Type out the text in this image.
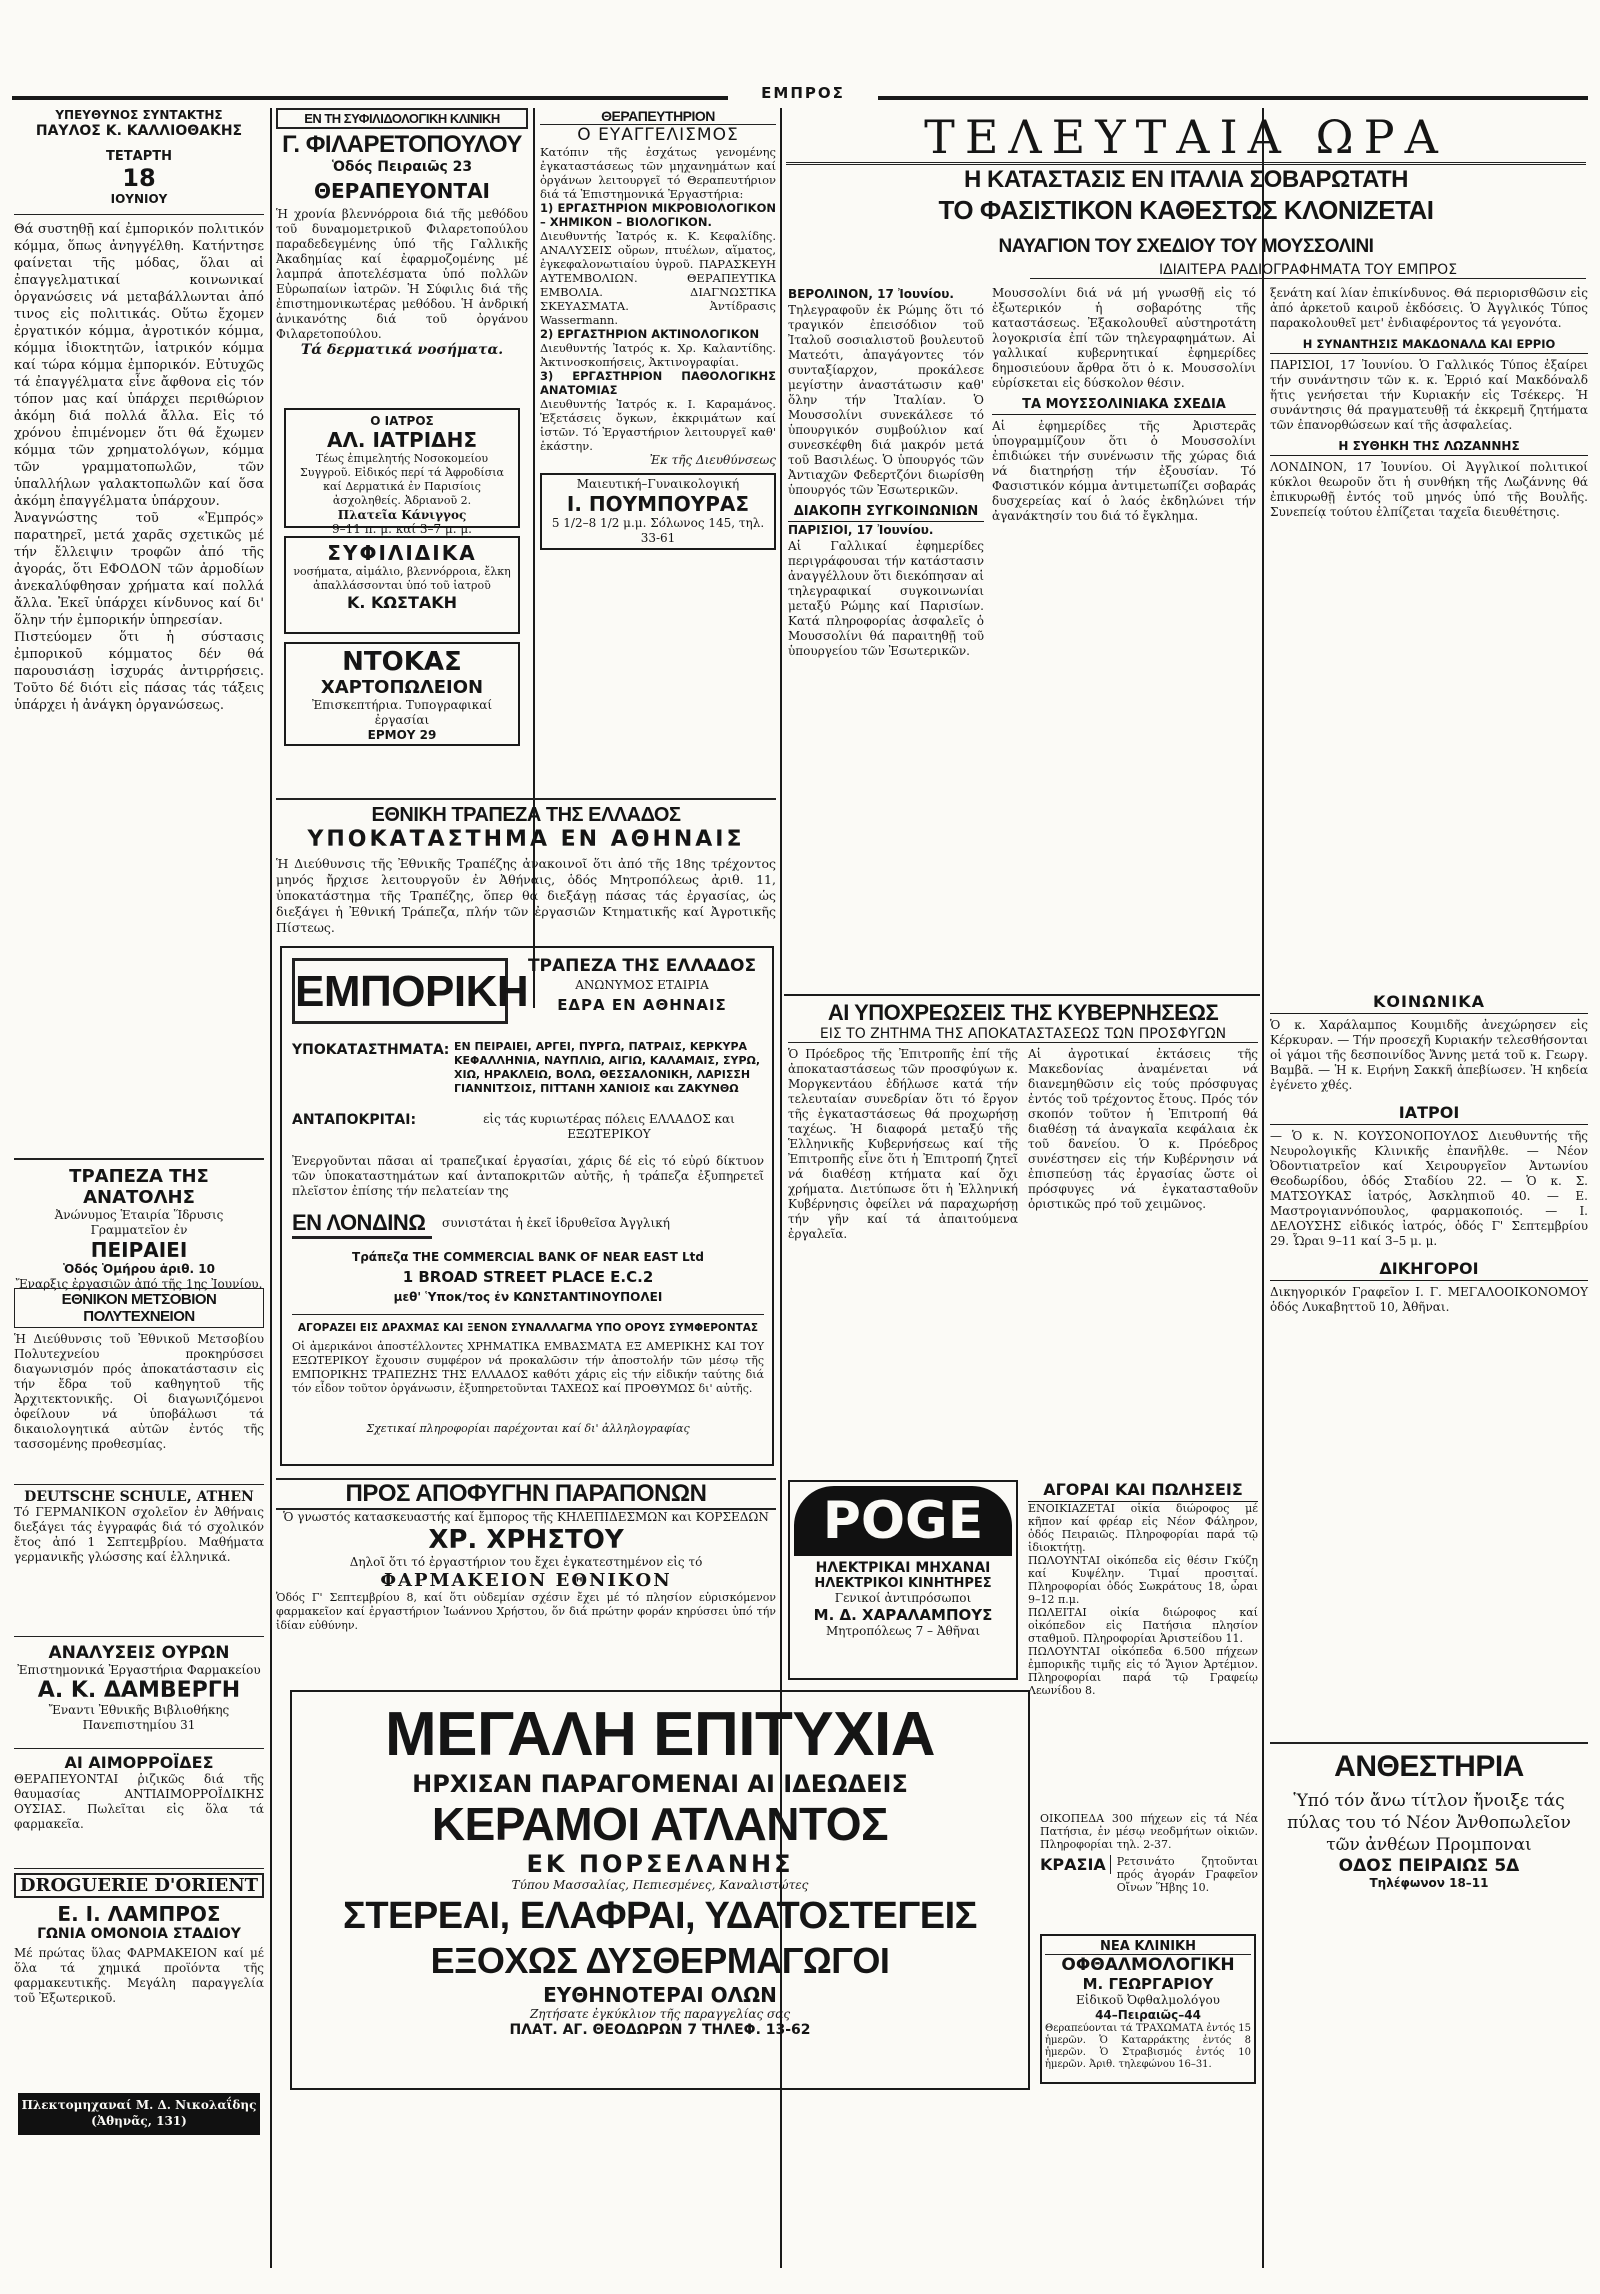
ΕΜΠΡΟΣ
ΥΠΕΥΘΥΝΟΣ ΣΥΝΤΑΚΤΗΣ
ΠΑΥΛΟΣ Κ. ΚΑΛΛΙΟΘΑΚΗΣ
ΤΕΤΑΡΤΗ
18
ΙΟΥΝΙΟΥ

Θά συστηθῇ καί ἐμπορικόν πολιτικόν κόμμα, ὅπως ἀνηγγέλθη. Κατήντησε φαίνεται τῆς μόδας, ὅλαι αἱ ἐπαγγελματικαί κοινωνικαί ὁργανώσεις νά μεταβάλλωνται ἀπό τινος εἰς πολιτικάς. Οὕτω ἔχομεν ἐργατικόν κόμμα, ἀγροτικόν κόμμα, κόμμα ἰδιοκτητῶν, ἰατρικόν κόμμα καί τώρα κόμμα ἐμπορικόν. Εὐτυχῶς τά ἐπαγγέλματα εἶνε ἄφθονα εἰς τόν τόπον μας καί ὑπάρχει περιθώριον ἀκόμη διά πολλά ἄλλα. Εἰς τό χρόνου ἐπιμένομεν ὅτι θά ἔχωμεν κόμμα τῶν χρηματολόγων, κόμμα τῶν γραμματοπωλῶν, τῶν ὑπαλλήλων γαλακτοπωλῶν καί ὅσα ἀκόμη ἐπαγγέλματα ὑπάρχουν.

Ἀναγνώστης τοῦ «Ἐμπρός» παρατηρεῖ, μετά χαρᾶς σχετικῶς μέ τήν ἔλλειψιν τροφῶν ἀπό τῆς ἀγοράς, ὅτι ΕΦΟΔΟΝ τῶν ἀρμοδίων ἀνεκαλύφθησαν χρήματα καί πολλά ἄλλα. Ἐκεῖ ὑπάρχει κίνδυνος καί δι' ὅλην τήν ἐμπορικήν ὑπηρεσίαν.

Πιστεύομεν ὅτι ἡ σύστασις ἐμπορικοῦ κόμματος δέν θά παρουσιάσῃ ἰσχυράς ἀντιρρήσεις. Τοῦτο δέ διότι εἰς πάσας τάς τάξεις ὑπάρχει ἡ ἀνάγκη ὀργανώσεως.

ΤΡΑΠΕΖΑ ΤΗΣ ΑΝΑΤΟΛΗΣ
Ἀνώνυμος Ἑταιρία Ἵδρυσις Γραμματεῖον ἐν
ΠΕΙΡΑΙΕΙ
Ὁδός Ὁμήρου ἀριθ. 10
Ἔναρξις ἐργασιῶν ἀπό τῆς 1ης Ἰουνίου.
ΕΘΝΙΚΟΝ ΜΕΤΣΟΒΙΟΝ ΠΟΛΥΤΕΧΝΕΙΟΝ

Ἡ Διεύθυνσις τοῦ Ἐθνικοῦ Μετσοβίου Πολυτεχνείου προκηρύσσει διαγωνισμόν πρός ἀποκατάστασιν εἰς τήν ἔδρα τοῦ καθηγητοῦ τῆς Ἀρχιτεκτονικῆς. Οἱ διαγωνιζόμενοι ὀφείλουν νά ὑποβάλωσι τά δικαιολογητικά αὐτῶν ἐντός τῆς τασσομένης προθεσμίας.

DEUTSCHE SCHULE, ATHEN

Τό ΓΕΡΜΑΝΙΚΟΝ σχολεῖον ἐν Ἀθήναις διεξάγει τάς ἐγγραφάς διά τό σχολικόν ἔτος ἀπό 1 Σεπτεμβρίου. Μαθήματα γερμανικῆς γλώσσης καί ἑλληνικά.

ΑΝΑΛΥΣΕΙΣ ΟΥΡΩΝ
Ἐπιστημονικά Ἐργαστήρια Φαρμακείου
Α. Κ. ΔΑΜΒΕΡΓΗ
Ἔναντι Ἐθνικῆς Βιβλιοθήκης Πανεπιστημίου 31
ΑΙ ΑΙΜΟΡΡΟΪΔΕΣ

ΘΕΡΑΠΕΥΟΝΤΑΙ ῥιζικῶς διά τῆς θαυμασίας ΑΝΤΙΑΙΜΟΡΡΟΪΔΙΚΗΣ ΟΥΣΙΑΣ. Πωλεῖται εἰς ὅλα τά φαρμακεῖα.

DROGUERIE D'ORIENT
Ε. Ι. ΛΑΜΠΡΟΣ
ΓΩΝΙΑ ΟΜΟΝΟΙΑ ΣΤΑΔΙΟΥ

Μέ πρώτας ὕλας ΦΑΡΜΑΚΕΙΟΝ καί μέ ὅλα τά χημικά προϊόντα τῆς φαρμακευτικῆς. Μεγάλη παραγγελία τοῦ Ἐξωτερικοῦ.

Πλεκτομηχαναί Μ. Δ. Νικολαΐδης (Ἀθηνᾶς, 131)
ΕΝ ΤΗ ΣΥΦΙΛΙΔΟΛΟΓΙΚΗ ΚΛΙΝΙΚΗ
Γ. ΦΙΛΑΡΕΤΟΠΟΥΛΟΥ
Ὁδός Πειραιῶς 23
ΘΕΡΑΠΕΥΟΝΤΑΙ

Ἡ χρονία βλεννόρροια διά τῆς μεθόδου τοῦ δυναμομετρικοῦ Φιλαρετοπούλου παραδεδεγμένης ὑπό τῆς Γαλλικῆς Ἀκαδημίας καί ἐφαρμοζομένης μέ λαμπρά ἀποτελέσματα ὑπό πολλῶν Εὐρωπαίων ἰατρῶν. Ἡ Σύφιλις διά τῆς ἐπιστημονικωτέρας μεθόδου. Ἡ ἀνδρική ἀνικανότης διά τοῦ ὀργάνου Φιλαρετοπούλου.

Τά δερματικά νοσήματα.
Ο ΙΑΤΡΟΣ
ΑΛ. ΙΑΤΡΙΔΗΣ

Τέως ἐπιμελητής Νοσοκομείου Συγγροῦ. Εἰδικός περί τά Ἀφροδίσια καί Δερματικά ἐν Παρισίοις ἀσχοληθείς. Ἀδριανοῦ 2.

Πλατεῖα Κάνιγγος
9–11 π. μ. καί 3–7 μ. μ.
ΣΥΦΙΛΙΔΙΚΑ

νοσήματα, αἰμάλιο, βλεννόρροια, ἔλκη ἀπαλλάσσονται ὑπό τοῦ ἰατροῦ

Κ. ΚΩΣΤΑΚΗ
ΝΤΟΚΑΣ
ΧΑΡΤΟΠΩΛΕΙΟΝ
Ἐπισκεπτήρια. Τυπογραφικαί ἐργασίαι
ΕΡΜΟΥ 29
ΘΕΡΑΠΕΥΤΗΡΙΟΝ
Ο ΕΥΑΓΓΕΛΙΣΜΟΣ

Κατόπιν τῆς ἐσχάτως γενομένης ἐγκαταστάσεως τῶν μηχανημάτων καί ὀργάνων λειτουργεῖ τό Θεραπευτήριον διά τά Ἐπιστημονικά Ἐργαστήρια:

1) ΕΡΓΑΣΤΗΡΙΟΝ ΜΙΚΡΟΒΙΟΛΟΓΙΚΟΝ – ΧΗΜΙΚΟΝ – ΒΙΟΛΟΓΙΚΟΝ.

Διευθυντής Ἰατρός κ. Κ. Κεφαλίδης. ΑΝΑΛΥΣΕΙΣ οὔρων, πτυέλων, αἵματος, ἐγκεφαλονωτιαίου ὑγροῦ. ΠΑΡΑΣΚΕΥΗ ΑΥΤΕΜΒΟΛΙΩΝ. ΘΕΡΑΠΕΥΤΙΚΑ ΕΜΒΟΛΙΑ. ΔΙΑΓΝΩΣΤΙΚΑ ΣΚΕΥΑΣΜΑΤΑ. Ἀντίδρασις Wassermann.

2) ΕΡΓΑΣΤΗΡΙΟΝ ΑΚΤΙΝΟΛΟΓΙΚΟΝ

Διευθυντής Ἰατρός κ. Χρ. Καλαντίδης. Ἀκτινοσκοπήσεις, Ἀκτινογραφίαι.

3) ΕΡΓΑΣΤΗΡΙΟΝ ΠΑΘΟΛΟΓΙΚΗΣ ΑΝΑΤΟΜΙΑΣ

Διευθυντής Ἰατρός κ. Ι. Καραμάνος. Ἐξετάσεις ὄγκων, ἐκκριμάτων καί ἱστῶν. Τό Ἐργαστήριον λειτουργεῖ καθ' ἑκάστην.

Ἐκ τῆς Διευθύνσεως
Μαιευτική–Γυναικολογική
Ι. ΠΟΥΜΠΟΥΡΑΣ
5 1/2–8 1/2 μ.μ. Σόλωνος 145, τηλ. 33-61
ΕΘΝΙΚΗ ΤΡΑΠΕΖΑ ΤΗΣ ΕΛΛΑΔΟΣ
ΥΠΟΚΑΤΑΣΤΗΜΑ ΕΝ ΑΘΗΝΑΙΣ

Ἡ Διεύθυνσις τῆς Ἐθνικῆς Τραπέζης ἀνακοινοῖ ὅτι ἀπό τῆς 18ης τρέχοντος μηνός ἤρχισε λειτουργοῦν ἐν Ἀθήναις, ὁδός Μητροπόλεως ἀριθ. 11, ὑποκατάστημα τῆς Τραπέζης, ὅπερ θά διεξάγῃ πάσας τάς ἐργασίας, ὡς διεξάγει ἡ Ἐθνική Τράπεζα, πλήν τῶν ἐργασιῶν Κτηματικῆς καί Ἀγροτικῆς Πίστεως.

ΕΜΠΟΡΙΚΗ
ΤΡΑΠΕΖΑ ΤΗΣ ΕΛΛΑΔΟΣ
ΑΝΩΝΥΜΟΣ ΕΤΑΙΡΙΑ
ΕΔΡΑ ΕΝ ΑΘΗΝΑΙΣ
ΥΠΟΚΑΤΑΣΤΗΜΑΤΑ: ΕΝ ΠΕΙΡΑΙΕΙ, ΑΡΓΕΙ, ΠΥΡΓΩ, ΠΑΤΡΑΙΣ, ΚΕΡΚΥΡΑ ΚΕΦΑΛΛΗΝΙΑ, ΝΑΥΠΛΙΩ, ΑΙΓΙΩ, ΚΑΛΑΜΑΙΣ, ΣΥΡΩ, ΧΙΩ, ΗΡΑΚΛΕΙΩ, ΒΟΛΩ, ΘΕΣΣΑΛΟΝΙΚΗ, ΛΑΡΙΣΣΗ ΓΙΑΝΝΙΤΣΟΙΣ, ΠΙΤΤΑΝΗ ΧΑΝΙΟΙΣ και ΖΑΚΥΝΘΩ
ΑΝΤΑΠΟΚΡΙΤΑΙ:	εἰς τάς κυριωτέρας πόλεις ΕΛΛΑΔΟΣ και ΕΞΩΤΕΡΙΚΟΥ
Ἐνεργοῦνται πᾶσαι αἱ τραπεζικαί ἐργασίαι, χάρις δέ εἰς τό εὐρύ δίκτυον τῶν ὑποκαταστημάτων καί ἀνταποκριτῶν αὐτῆς, ἡ τράπεζα ἐξυπηρετεῖ πλεῖστον ἐπίσης τήν πελατείαν της
ΕΝ ΛΟΝΔΙΝΩ	συνιστάται ἡ ἐκεῖ ἱδρυθεῖσα Ἀγγλική
Τράπεζα THE COMMERCIAL BANK OF NEAR EAST Ltd
1 BROAD STREET PLACE E.C.2
μεθ' Ὑποκ/τος ἐν ΚΩΝΣΤΑΝΤΙΝΟΥΠΟΛΕΙ
ΑΓΟΡΑΖΕΙ ΕΙΣ ΔΡΑΧΜΑΣ ΚΑΙ ΞΕΝΟΝ ΣΥΝΑΛΛΑΓΜΑ ΥΠΟ ΟΡΟΥΣ ΣΥΜΦΕΡΟΝΤΑΣ
Οἱ ἀμερικάνοι ἀποστέλλοντες ΧΡΗΜΑΤΙΚΑ ΕΜΒΑΣΜΑΤΑ ΕΞ ΑΜΕΡΙΚΗΣ ΚΑΙ ΤΟΥ ΕΞΩΤΕΡΙΚΟΥ ἔχουσιν συμφέρον νά προκαλῶσιν τήν ἀποστολήν τῶν μέσῳ τῆς ΕΜΠΟΡΙΚΗΣ ΤΡΑΠΕΖΗΣ ΤΗΣ ΕΛΛΑΔΟΣ καθότι χάρις εἰς τήν εἰδικήν ταύτης διά τόν εἶδον τοῦτον ὀργάνωσιν, ἐξυπηρετοῦνται ΤΑΧΕΩΣ καί ΠΡΟΘΥΜΩΣ δι' αὐτῆς.
Σχετικαί πληροφορίαι παρέχονται καί δι' ἀλληλογραφίας
ΠΡΟΣ ΑΠΟΦΥΓΗΝ ΠΑΡΑΠΟΝΩΝ
Ὁ γνωστός κατασκευαστής καί ἔμπορος τῆς ΚΗΛΕΠΙΔΕΣΜΩΝ και ΚΟΡΣΕΔΩΝ
ΧΡ. ΧΡΗΣΤΟΥ
Δηλοῖ ὅτι τό ἐργαστήριον του ἔχει ἐγκατεστημένον εἰς τό
ΦΑΡΜΑΚΕΙΟΝ ΕΘΝΙΚΟΝ

Ὁδός Γ' Σεπτεμβρίου 8, καί ὅτι οὐδεμίαν σχέσιν ἔχει μέ τό πλησίον εὑρισκόμενον φαρμακεῖον καί ἐργαστήριον Ἰωάννου Χρήστου, ὅν διά πρώτην φοράν κηρύσσει ὑπό τήν ἰδίαν εὐθύνην.

ΜΕΓΑΛΗ ΕΠΙΤΥΧΙΑ
ΗΡΧΙΣΑΝ ΠΑΡΑΓΟΜΕΝΑΙ ΑΙ ΙΔΕΩΔΕΙΣ
ΚΕΡΑΜΟΙ ΑΤΛΑΝΤΟΣ
ΕΚ ΠΟΡΣΕΛΑΝΗΣ
Τύπου Μασσαλίας, Πεπιεσμένες, Καναλιστώτες
ΣΤΕΡΕΑΙ, ΕΛΑΦΡΑΙ, ΥΔΑΤΟΣΤΕΓΕΙΣ
ΕΞΟΧΩΣ ΔΥΣΘΕΡΜΑΓΩΓΟΙ
ΕΥΘΗΝΟΤΕΡΑΙ ΟΛΩΝ
Ζητήσατε ἐγκύκλιον τῆς παραγγελίας σας
ΠΛΑΤ. ΑΓ. ΘΕΟΔΩΡΩΝ 7 ΤΗΛΕΦ. 13-62
ΤΕΛΕΥΤΑΙΑ ΩΡΑ
Η ΚΑΤΑΣΤΑΣΙΣ ΕΝ ΙΤΑΛΙΑ ΣΟΒΑΡΩΤΑΤΗ
ΤΟ ΦΑΣΙΣΤΙΚΟΝ ΚΑΘΕΣΤΩΣ ΚΛΟΝΙΖΕΤΑΙ
ΝΑΥΑΓΙΟΝ ΤΟΥ ΣΧΕΔΙΟΥ ΤΟΥ ΜΟΥΣΣΟΛΙΝΙ
ΙΔΙΑΙΤΕΡΑ ΡΑΔΙΟΓΡΑΦΗΜΑΤΑ ΤΟΥ ΕΜΠΡΟΣ

ΒΕΡΟΛΙΝΟΝ, 17 Ἰουνίου.

Τηλεγραφοῦν ἐκ Ρώμης ὅτι τό τραγικόν ἐπεισόδιον τοῦ Ἰταλοῦ σοσιαλιστοῦ βουλευτοῦ Ματεότι, ἀπαγάγοντες τόν συνταξίαρχον, προκάλεσε μεγίστην ἀναστάτωσιν καθ' ὅλην τήν Ἰταλίαν. Ὁ Μουσσολίνι συνεκάλεσε τό ὑπουργικόν συμβούλιον καί συνεσκέφθη διά μακρόν μετά τοῦ Βασιλέως. Ὁ ὑπουργός τῶν Ἀντιαχῶν Φεδερτζόνι διωρίσθη ὑπουργός τῶν Ἐσωτερικῶν.

ΔΙΑΚΟΠΗ ΣΥΓΚΟΙΝΩΝΙΩΝ

ΠΑΡΙΣΙΟΙ, 17 Ἰουνίου.

Αἱ Γαλλικαί ἐφημερίδες περιγράφουσαι τήν κατάστασιν ἀναγγέλλουν ὅτι διεκόπησαν αἱ τηλεγραφικαί συγκοινωνίαι μεταξύ Ρώμης καί Παρισίων. Κατά πληροφορίας ἀσφαλεῖς ὁ Μουσσολίνι θά παραιτηθῇ τοῦ ὑπουργείου τῶν Ἐσωτερικῶν.

Μουσσολίνι διά νά μή γνωσθῇ εἰς τό ἐξωτερικόν ἡ σοβαρότης τῆς καταστάσεως. Ἐξακολουθεῖ αὐστηροτάτη λογοκρισία ἐπί τῶν τηλεγραφημάτων. Αἱ γαλλικαί κυβερνητικαί ἐφημερίδες δημοσιεύουν ἄρθρα ὅτι ὁ κ. Μουσσολίνι εὑρίσκεται εἰς δύσκολον θέσιν.

ΤΑ ΜΟΥΣΣΟΛΙΝΙΑΚΑ ΣΧΕΔΙΑ

Αἱ ἐφημερίδες τῆς Ἀριστερᾶς ὑπογραμμίζουν ὅτι ὁ Μουσσολίνι ἐπιδιώκει τήν συνένωσιν τῆς χώρας διά νά διατηρήσῃ τήν ἐξουσίαν. Τό Φασιστικόν κόμμα ἀντιμετωπίζει σοβαράς δυσχερείας καί ὁ λαός ἐκδηλώνει τήν ἀγανάκτησίν του διά τό ἔγκλημα.

ξενάτη καί λίαν ἐπικίνδυνος. Θά περιορισθῶσιν εἰς ἀπό ἀρκετοῦ καιροῦ ἐκδόσεις. Ὁ Ἀγγλικός Τύπος παρακολουθεῖ μετ' ἐνδιαφέροντος τά γεγονότα.

Η ΣΥΝΑΝΤΗΣΙΣ ΜΑΚΔΟΝΑΛΔ ΚΑΙ ΕΡΡΙΟ

ΠΑΡΙΣΙΟΙ, 17 Ἰουνίου. Ὁ Γαλλικός Τύπος ἐξαίρει τήν συνάντησιν τῶν κ. κ. Ἐρριό καί Μακδόναλδ ἥτις γενήσεται τήν Κυριακήν εἰς Τσέκερς. Ἡ συνάντησις θά πραγματευθῇ τά ἐκκρεμῆ ζητήματα τῶν ἐπανορθώσεων καί τῆς ἀσφαλείας.

Η ΣΥΘΗΚΗ ΤΗΣ ΛΩΖΑΝΝΗΣ

ΛΟΝΔΙΝΟΝ, 17 Ἰουνίου. Οἱ Ἀγγλικοί πολιτικοί κύκλοι θεωροῦν ὅτι ἡ συνθήκη τῆς Λωζάννης θά ἐπικυρωθῇ ἐντός τοῦ μηνός ὑπό τῆς Βουλῆς. Συνεπείᾳ τούτου ἐλπίζεται ταχεῖα διευθέτησις.

ΑΙ ΥΠΟΧΡΕΩΣΕΙΣ ΤΗΣ ΚΥΒΕΡΝΗΣΕΩΣ
ΕΙΣ ΤΟ ΖΗΤΗΜΑ ΤΗΣ ΑΠΟΚΑΤΑΣΤΑΣΕΩΣ ΤΩΝ ΠΡΟΣΦΥΓΩΝ

Ὁ Πρόεδρος τῆς Ἐπιτροπῆς ἐπί τῆς ἀποκαταστάσεως τῶν προσφύγων κ. Μοργκεντάου ἐδήλωσε κατά τήν τελευταίαν συνεδρίαν ὅτι τό ἔργον τῆς ἐγκαταστάσεως θά προχωρήσῃ ταχέως. Ἡ διαφορά μεταξύ τῆς Ἑλληνικῆς Κυβερνήσεως καί τῆς Ἐπιτροπῆς εἶνε ὅτι ἡ Ἐπιτροπή ζητεῖ νά διαθέσῃ κτήματα καί ὄχι χρήματα. Διετύπωσε ὅτι ἡ Ἑλληνική Κυβέρνησις ὀφείλει νά παραχωρήσῃ τήν γῆν καί τά ἀπαιτούμενα ἐργαλεῖα.

Αἱ ἀγροτικαί ἐκτάσεις τῆς Μακεδονίας ἀναμένεται νά διανεμηθῶσιν εἰς τούς πρόσφυγας ἐντός τοῦ τρέχοντος ἔτους. Πρός τόν σκοπόν τοῦτον ἡ Ἐπιτροπή θά διαθέσῃ τά ἀναγκαῖα κεφάλαια ἐκ τοῦ δανείου. Ὁ κ. Πρόεδρος συνέστησεν εἰς τήν Κυβέρνησιν νά ἐπισπεύσῃ τάς ἐργασίας ὥστε οἱ πρόσφυγες νά ἐγκατασταθοῦν ὁριστικῶς πρό τοῦ χειμῶνος.

POGE
ΗΛΕΚΤΡΙΚΑΙ ΜΗΧΑΝΑΙ
ΗΛΕΚΤΡΙΚΟΙ ΚΙΝΗΤΗΡΕΣ
Γενικοί ἀντιπρόσωποι
Μ. Δ. ΧΑΡΑΛΑΜΠΟΥΣ
Μητροπόλεως 7 – Ἀθῆναι
ΑΓΟΡΑΙ ΚΑΙ ΠΩΛΗΣΕΙΣ

ΕΝΟΙΚΙΑΖΕΤΑΙ οἰκία διώροφος μέ κῆπον καί φρέαρ εἰς Νέον Φάληρον, ὁδός Πειραιῶς. Πληροφορίαι παρά τῷ ἰδιοκτήτῃ.

ΠΩΛΟΥΝΤΑΙ οἰκόπεδα εἰς θέσιν Γκύζη καί Κυψέλην. Τιμαί προσιταί. Πληροφορίαι ὁδός Σωκράτους 18, ὧραι 9–12 π.μ.

ΠΩΛΕΙΤΑΙ οἰκία διώροφος καί οἰκόπεδον εἰς Πατήσια πλησίον σταθμοῦ. Πληροφορίαι Ἀριστείδου 11.

ΠΩΛΟΥΝΤΑΙ οἰκόπεδα 6.500 πήχεων ἐμπορικῆς τιμῆς εἰς τό Ἅγιον Ἀρτέμιον. Πληροφορίαι παρά τῷ Γραφείῳ Λεωνίδου 8.

ΟΙΚΟΠΕΔΑ 300 πήχεων εἰς τά Νέα Πατήσια, ἐν μέσῳ νεοδμήτων οἰκιῶν. Πληροφορίαι τηλ. 2-37.

ΚΡΑΣΙΑ	Ρετσινάτο ζητοῦνται πρός ἀγοράν Γραφεῖον Οἴνων Ἥβης 10.

ΝΕΑ ΚΛΙΝΙΚΗ
ΟΦΘΑΛΜΟΛΟΓΙΚΗ
Μ. ΓΕΩΡΓΑΡΙΟΥ
Εἰδικοῦ Ὀφθαλμολόγου
44–Πειραιῶς–44

Θεραπεύονται τά ΤΡΑΧΩΜΑΤΑ ἐντός 15 ἡμερῶν. Ὁ Καταρράκτης ἐντός 8 ἡμερῶν. Ὁ Στραβισμός ἐντός 10 ἡμερῶν. Ἀριθ. τηλεφώνου 16–31.

ΚΟΙΝΩΝΙΚΑ

Ὁ κ. Χαράλαμπος Κουμιδῆς ἀνεχώρησεν εἰς Κέρκυραν. — Τήν προσεχῆ Κυριακήν τελεσθήσονται οἱ γάμοι τῆς δεσποινίδος Ἄννης μετά τοῦ κ. Γεωργ. Βαμβᾶ. — Ἡ κ. Ειρήνη Σακκῆ ἀπεβίωσεν. Ἡ κηδεία ἐγένετο χθές.

ΙΑΤΡΟΙ

— Ὁ κ. Ν. ΚΟΥΣΟΝΟΠΟΥΛΟΣ Διευθυντής τῆς Νευρολογικῆς Κλινικῆς ἐπανῆλθε. — Νέον Ὀδοντιατρεῖον καί Χειρουργεῖον Ἀντωνίου Θεοδωρίδου, ὁδός Σταδίου 22. — Ὁ κ. Σ. ΜΑΤΣΟΥΚΑΣ ἰατρός, Ἀσκληπιοῦ 40. — Ε. Μαστρογιαννόπουλος, φαρμακοποιός. — Ι. ΔΕΛΟΥΣΗΣ εἰδικός ἰατρός, ὁδός Γ' Σεπτεμβρίου 29. Ὧραι 9–11 καί 3–5 μ. μ.

ΔΙΚΗΓΟΡΟΙ

Δικηγορικόν Γραφεῖον Ι. Γ. ΜΕΓΑΛΟΟΙΚΟΝΟΜΟΥ ὁδός Λυκαβηττοῦ 10, Ἀθῆναι.

ΑΝΘΕΣΤΗΡΙΑ

Ὑπό τόν ἄνω τίτλον ἤνοιξε τάς πύλας του τό Νέον Ἀνθοπωλεῖον τῶν ἀνθέων Προμποναι

ΟΔΟΣ ΠΕΙΡΑΙΩΣ 5Δ
Τηλέφωνον 18–11
